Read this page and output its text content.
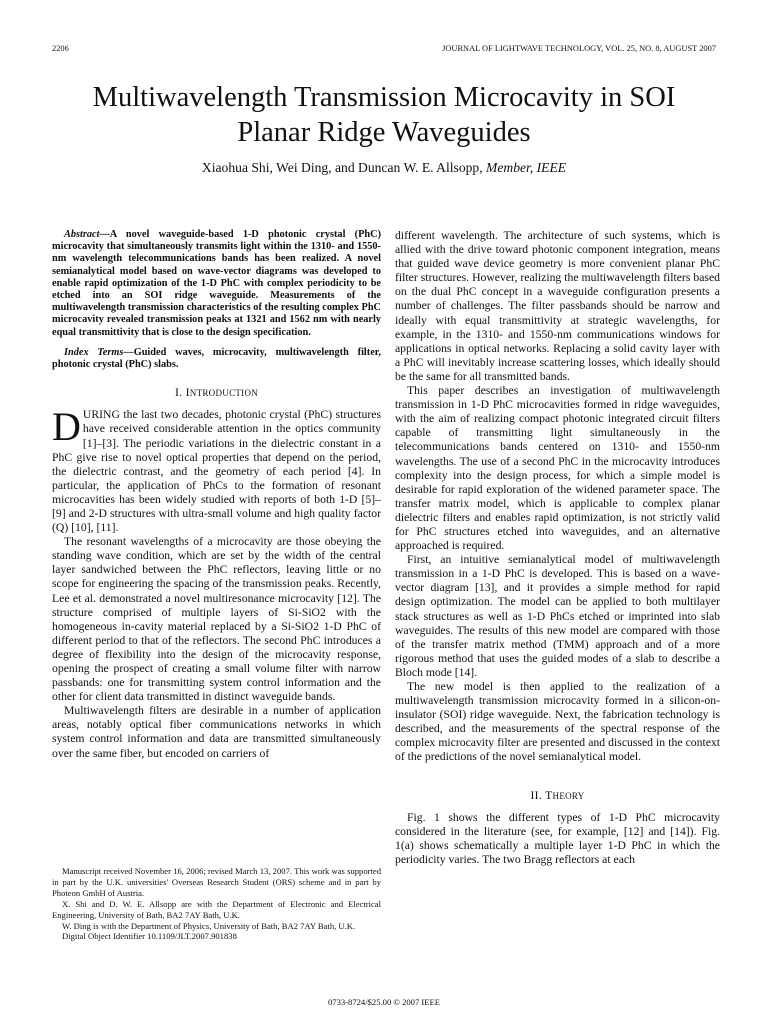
2206	JOURNAL OF LIGHTWAVE TECHNOLOGY, VOL. 25, NO. 8, AUGUST 2007
Multiwavelength Transmission Microcavity in SOI
Planar Ridge Waveguides
Xiaohua Shi, Wei Ding, and Duncan W. E. Allsopp, Member, IEEE

Abstract—A novel waveguide-based 1-D photonic crystal (PhC) microcavity that simultaneously transmits light within the 1310- and 1550-nm wavelength telecommunications bands has been realized. A novel semianalytical model based on wave-vector diagrams was developed to enable rapid optimization of the 1-D PhC with complex periodicity to be etched into an SOI ridge waveguide. Measurements of the multiwavelength transmission characteristics of the resulting complex PhC microcavity revealed transmission peaks at 1321 and 1562 nm with nearly equal transmittivity that is close to the design specification.

Index Terms—Guided waves, microcavity, multiwavelength filter, photonic crystal (PhC) slabs.

I. INTRODUCTION

DURING the last two decades, photonic crystal (PhC) structures have received considerable attention in the optics community [1]–[3]. The periodic variations in the dielectric constant in a PhC give rise to novel optical properties that depend on the period, the dielectric contrast, and the geometry of each period [4]. In particular, the application of PhCs to the formation of resonant microcavities has been widely studied with reports of both 1-D [5]–[9] and 2-D structures with ultra-small volume and high quality factor (Q) [10], [11].

The resonant wavelengths of a microcavity are those obeying the standing wave condition, which are set by the width of the central layer sandwiched between the PhC reflectors, leaving little or no scope for engineering the spacing of the transmission peaks. Recently, Lee et al. demonstrated a novel multiresonance microcavity [12]. The structure comprised of multiple layers of Si-SiO2 with the homogeneous in-cavity material replaced by a Si-SiO2 1-D PhC of different period to that of the reflectors. The second PhC introduces a degree of flexibility into the design of the microcavity response, opening the prospect of creating a small volume filter with narrow passbands: one for transmitting system control information and the other for client data transmitted in distinct waveguide bands.

Multiwavelength filters are desirable in a number of application areas, notably optical fiber communications networks in which system control information and data are transmitted simultaneously over the same fiber, but encoded on carriers of

different wavelength. The architecture of such systems, which is allied with the drive toward photonic component integration, means that guided wave device geometry is more convenient planar PhC filter structures. However, realizing the multiwavelength filters based on the dual PhC concept in a waveguide configuration presents a number of challenges. The filter passbands should be narrow and ideally with equal transmittivity at strategic wavelengths, for example, in the 1310- and 1550-nm communications windows for applications in optical networks. Replacing a solid cavity layer with a PhC will inevitably increase scattering losses, which ideally should be the same for all transmitted bands.

This paper describes an investigation of multiwavelength transmission in 1-D PhC microcavities formed in ridge waveguides, with the aim of realizing compact photonic integrated circuit filters capable of transmitting light simultaneously in the telecommunications bands centered on 1310- and 1550-nm wavelengths. The use of a second PhC in the microcavity introduces complexity into the design process, for which a simple model is desirable for rapid exploration of the widened parameter space. The transfer matrix model, which is applicable to complex planar dielectric filters and enables rapid optimization, is not strictly valid for PhC structures etched into waveguides, and an alternative approached is required.

First, an intuitive semianalytical model of multiwavelength transmission in a 1-D PhC is developed. This is based on a wave-vector diagram [13], and it provides a simple method for rapid design optimization. The model can be applied to both multilayer stack structures as well as 1-D PhCs etched or imprinted into slab waveguides. The results of this new model are compared with those of the transfer matrix method (TMM) approach and of a more rigorous method that uses the guided modes of a slab to describe a Bloch mode [14].

The new model is then applied to the realization of a multiwavelength transmission microcavity formed in a silicon-on-insulator (SOI) ridge waveguide. Next, the fabrication technology is described, and the measurements of the spectral response of the complex microcavity filter are presented and discussed in the context of the predictions of the novel semianalytical model.

II. THEORY

Fig. 1 shows the different types of 1-D PhC microcavity considered in the literature (see, for example, [12] and [14]). Fig. 1(a) shows schematically a multiple layer 1-D PhC in which the periodicity varies. The two Bragg reflectors at each

Manuscript received November 16, 2006; revised March 13, 2007. This work was supported in part by the U.K. universities' Overseas Research Student (ORS) scheme and in part by Photeon GmbH of Austria.

X. Shi and D. W. E. Allsopp are with the Department of Electronic and Electrical Engineering, University of Bath, BA2 7AY Bath, U.K.

W. Ding is with the Department of Physics, University of Bath, BA2 7AY Bath, U.K.

Digital Object Identifier 10.1109/JLT.2007.901838

0733-8724/$25.00 © 2007 IEEE
